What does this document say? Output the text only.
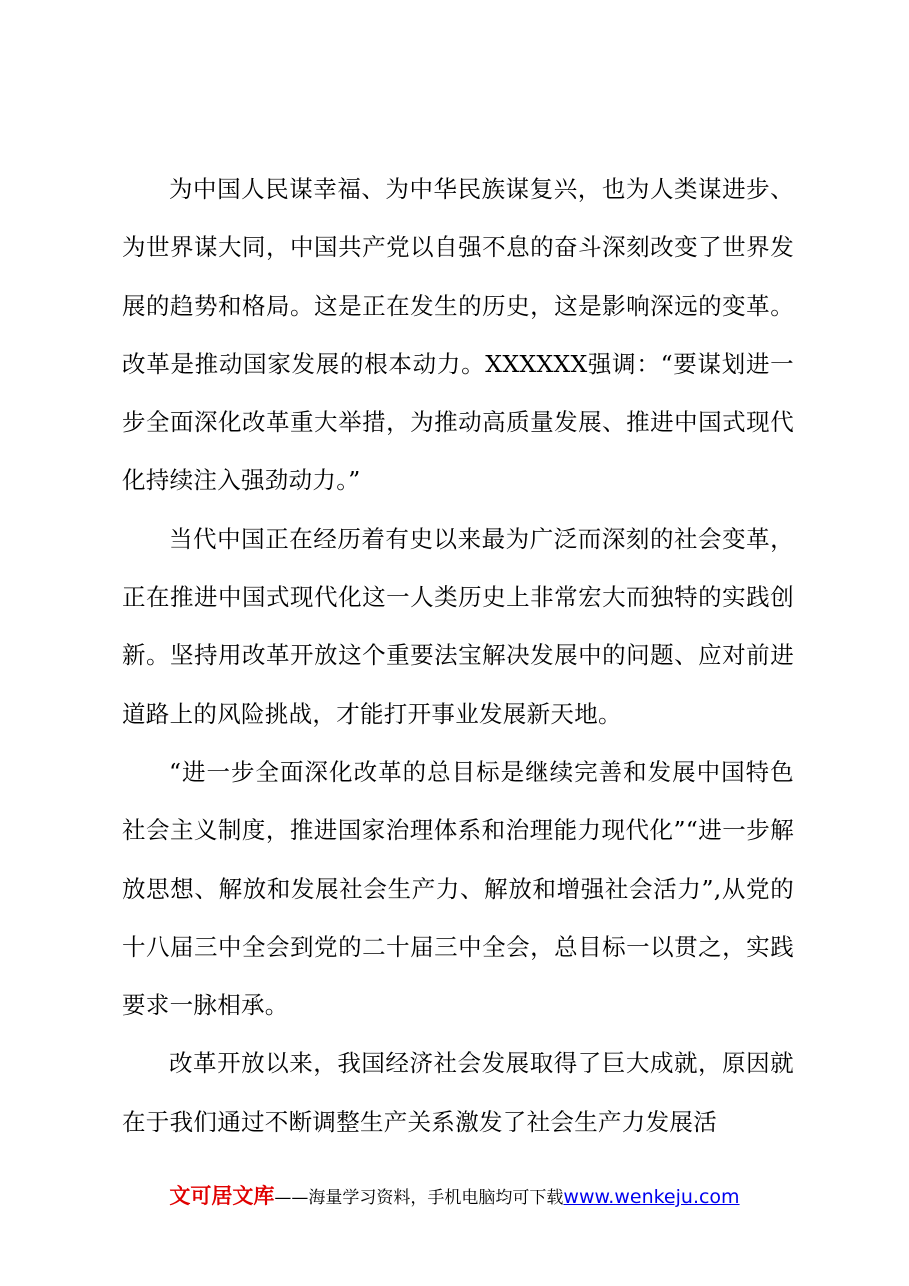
为中国人民谋幸福、为中华民族谋复兴，也为人类谋进步、为世界谋大同，中国共产党以自强不息的奋斗深刻改变了世界发展的趋势和格局。这是正在发生的历史，这是影响深远的变革。改革是推动国家发展的根本动力。XXXXXX强调：“要谋划进一步全面深化改革重大举措，为推动高质量发展、推进中国式现代化持续注入强劲动力。”

当代中国正在经历着有史以来最为广泛而深刻的社会变革，正在推进中国式现代化这一人类历史上非常宏大而独特的实践创新。坚持用改革开放这个重要法宝解决发展中的问题、应对前进道路上的风险挑战，才能打开事业发展新天地。

“进一步全面深化改革的总目标是继续完善和发展中国特色社会主义制度，推进国家治理体系和治理能力现代化”“进一步解放思想、解放和发展社会生产力、解放和增强社会活力”,从党的十八届三中全会到党的二十届三中全会，总目标一以贯之，实践要求一脉相承。

改革开放以来，我国经济社会发展取得了巨大成就，原因就在于我们通过不断调整生产关系激发了社会生产力发展活

文可居文库——海量学习资料，手机电脑均可下载www.wenkeju.com
